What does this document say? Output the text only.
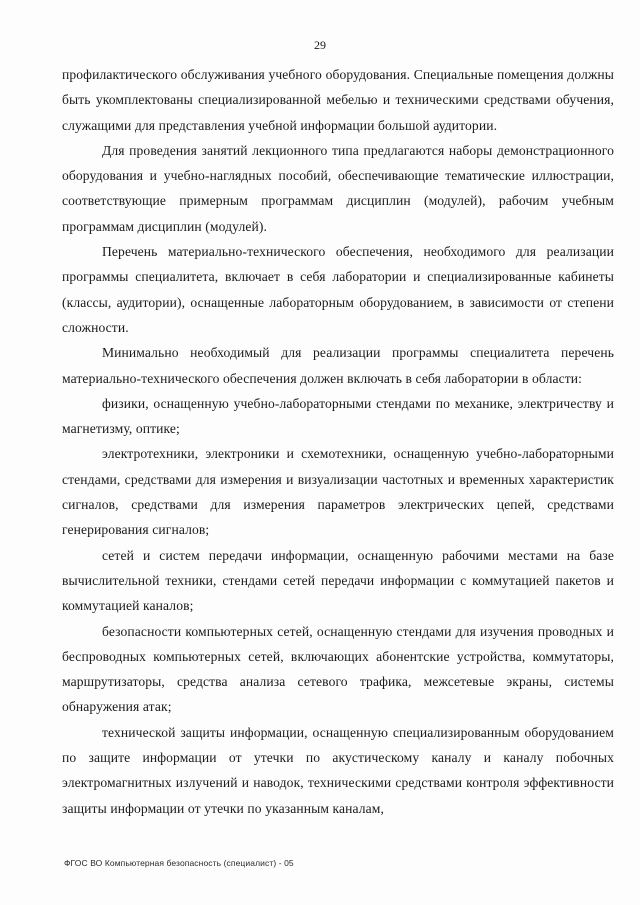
29

профилактического обслуживания учебного оборудования. Специальные помещения должны быть укомплектованы специализированной мебелью и техническими средствами обучения, служащими для представления учебной информации большой аудитории.

Для проведения занятий лекционного типа предлагаются наборы демонстрационного оборудования и учебно-наглядных пособий, обеспечивающие тематические иллюстрации, соответствующие примерным программам дисциплин (модулей), рабочим учебным программам дисциплин (модулей).

Перечень материально-технического обеспечения, необходимого для реализации программы специалитета, включает в себя лаборатории и специализированные кабинеты (классы, аудитории), оснащенные лабораторным оборудованием, в зависимости от степени сложности.

Минимально необходимый для реализации программы специалитета перечень материально-технического обеспечения должен включать в себя лаборатории в области:

физики, оснащенную учебно-лабораторными стендами по механике, электричеству и магнетизму, оптике;

электротехники, электроники и схемотехники, оснащенную учебно-лабораторными стендами, средствами для измерения и визуализации частотных и временных характеристик сигналов, средствами для измерения параметров электрических цепей, средствами генерирования сигналов;

сетей и систем передачи информации, оснащенную рабочими местами на базе вычислительной техники, стендами сетей передачи информации с коммутацией пакетов и коммутацией каналов;

безопасности компьютерных сетей, оснащенную стендами для изучения проводных и беспроводных компьютерных сетей, включающих абонентские устройства, коммутаторы, маршрутизаторы, средства анализа сетевого трафика, межсетевые экраны, системы обнаружения атак;

технической защиты информации, оснащенную специализированным оборудованием по защите информации от утечки по акустическому каналу и каналу побочных электромагнитных излучений и наводок, техническими средствами контроля эффективности защиты информации от утечки по указанным каналам,

ФГОС ВО Компьютерная безопасность (специалист) - 05
